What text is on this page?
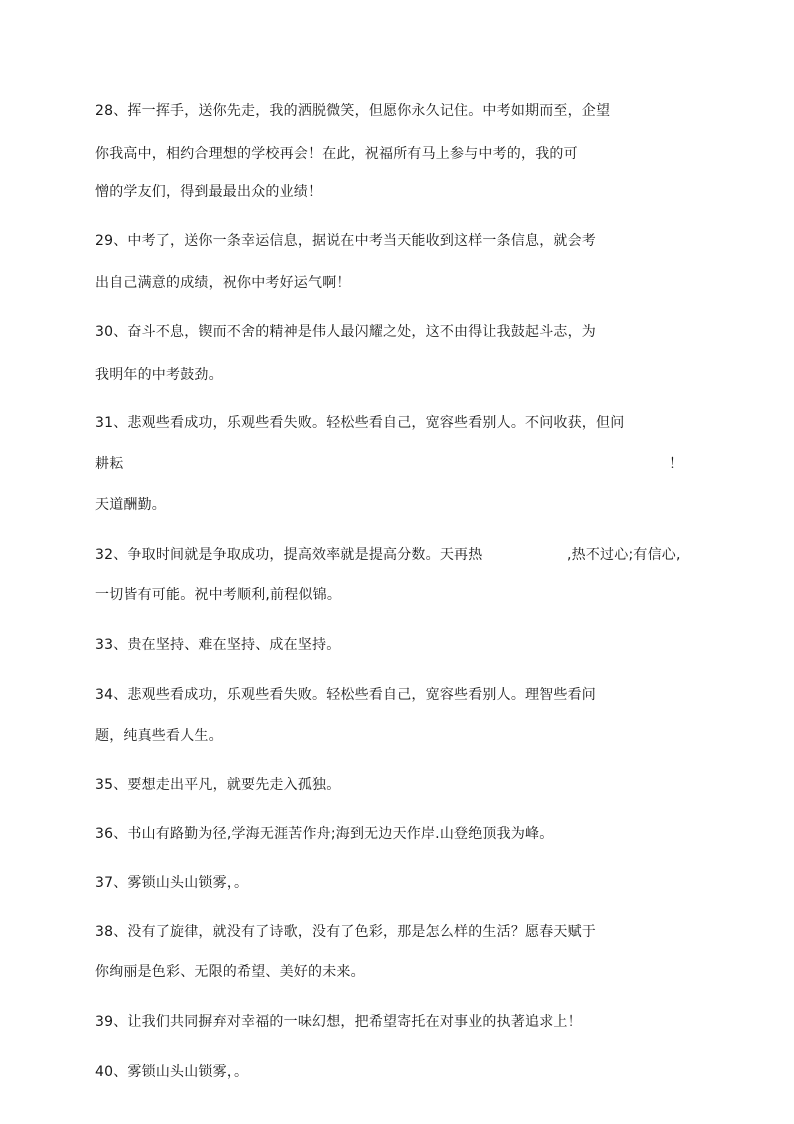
28、挥一挥手，送你先走，我的洒脱微笑，但愿你永久记住。中考如期而至，企望
你我高中，相约合理想的学校再会！在此，祝福所有马上参与中考的，我的可
憎的学友们，得到最最出众的业绩！
29、中考了，送你一条幸运信息，据说在中考当天能收到这样一条信息，就会考
出自己满意的成绩，祝你中考好运气啊！
30、奋斗不息，锲而不舍的精神是伟人最闪耀之处，这不由得让我鼓起斗志，为
我明年的中考鼓劲。
31、悲观些看成功，乐观些看失败。轻松些看自己，宽容些看别人。不问收获，但问
耕耘	！
天道酬勤。
32、争取时间就是争取成功，提高效率就是提高分数。天再热	,热不过心;有信心,
一切皆有可能。祝中考顺利,前程似锦。
33、贵在坚持、难在坚持、成在坚持。
34、悲观些看成功，乐观些看失败。轻松些看自己，宽容些看别人。理智些看问
题，纯真些看人生。
35、要想走出平凡，就要先走入孤独。
36、书山有路勤为径,学海无涯苦作舟;海到无边天作岸.山登绝顶我为峰。
37、雾锁山头山锁雾，。
38、没有了旋律，就没有了诗歌，没有了色彩，那是怎么样的生活？愿春天赋于
你绚丽是色彩、无限的希望、美好的未来。
39、让我们共同摒弃对幸福的一味幻想，把希望寄托在对事业的执著追求上！
40、雾锁山头山锁雾，。
